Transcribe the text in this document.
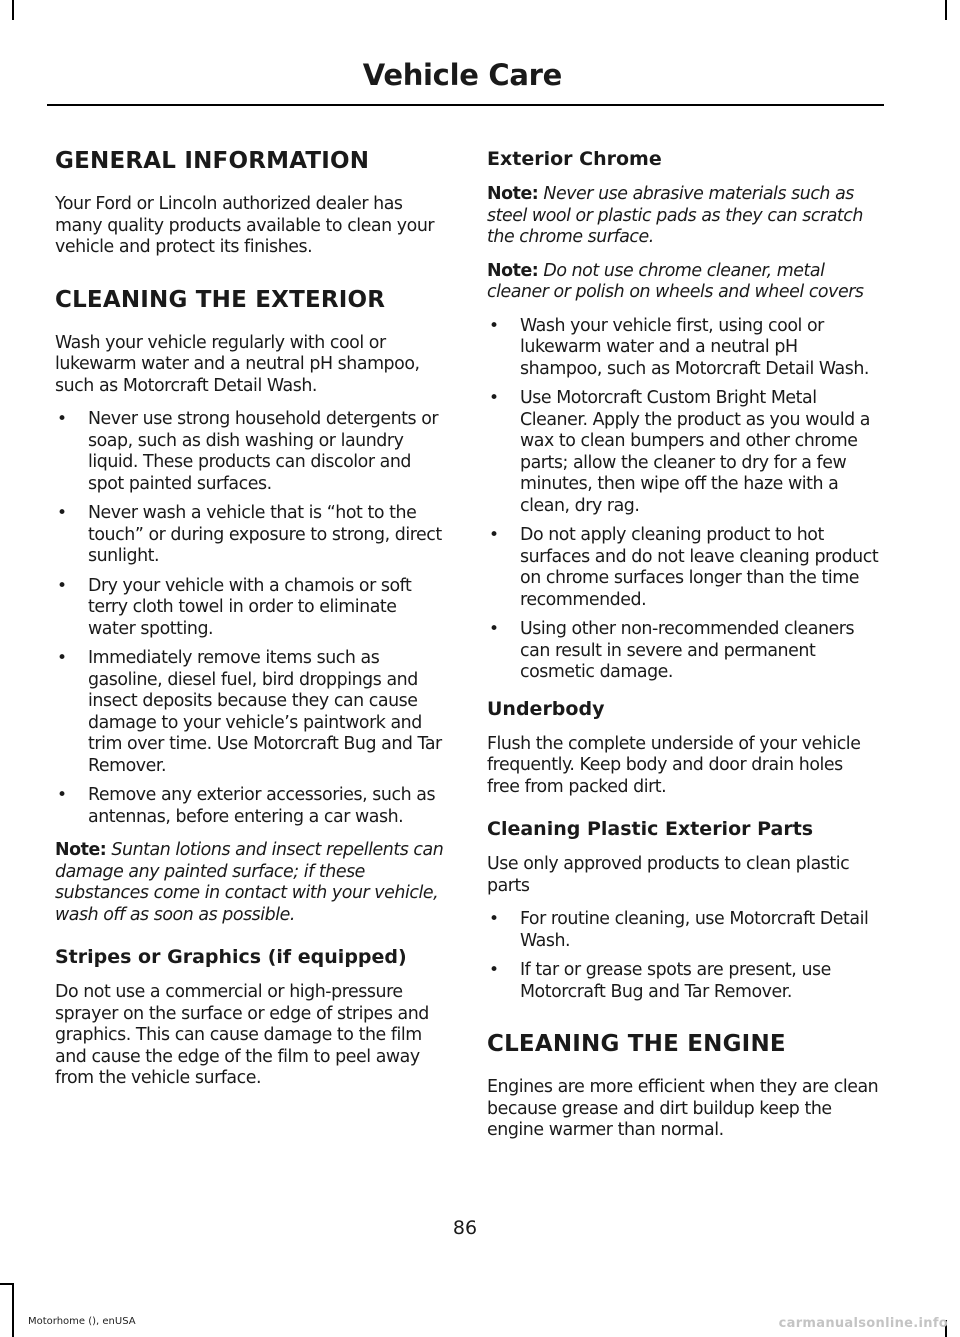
Vehicle Care
GENERAL INFORMATION

Your Ford or Lincoln authorized dealer has many quality products available to clean your vehicle and protect its finishes.

CLEANING THE EXTERIOR

Wash your vehicle regularly with cool or lukewarm water and a neutral pH shampoo, such as Motorcraft Detail Wash.

• Never use strong household detergents or soap, such as dish washing or laundry liquid. These products can discolor and spot painted surfaces.
• Never wash a vehicle that is “hot to the touch” or during exposure to strong, direct sunlight.
• Dry your vehicle with a chamois or soft terry cloth towel in order to eliminate water spotting.
• Immediately remove items such as gasoline, diesel fuel, bird droppings and insect deposits because they can cause damage to your vehicle’s paintwork and trim over time. Use Motorcraft Bug and Tar Remover.
• Remove any exterior accessories, such as antennas, before entering a car wash.

Note: Suntan lotions and insect repellents can damage any painted surface; if these substances come in contact with your vehicle, wash off as soon as possible.

Stripes or Graphics (if equipped)

Do not use a commercial or high-pressure sprayer on the surface or edge of stripes and graphics. This can cause damage to the film and cause the edge of the film to peel away from the vehicle surface.

Exterior Chrome

Note: Never use abrasive materials such as steel wool or plastic pads as they can scratch the chrome surface.

Note: Do not use chrome cleaner, metal cleaner or polish on wheels and wheel covers

• Wash your vehicle first, using cool or lukewarm water and a neutral pH shampoo, such as Motorcraft Detail Wash.
• Use Motorcraft Custom Bright Metal Cleaner. Apply the product as you would a wax to clean bumpers and other chrome parts; allow the cleaner to dry for a few minutes, then wipe off the haze with a clean, dry rag.
• Do not apply cleaning product to hot surfaces and do not leave cleaning product on chrome surfaces longer than the time recommended.
• Using other non-recommended cleaners can result in severe and permanent cosmetic damage.
Underbody

Flush the complete underside of your vehicle frequently. Keep body and door drain holes free from packed dirt.

Cleaning Plastic Exterior Parts

Use only approved products to clean plastic parts

• For routine cleaning, use Motorcraft Detail Wash.
• If tar or grease spots are present, use Motorcraft Bug and Tar Remover.
CLEANING THE ENGINE

Engines are more efficient when they are clean because grease and dirt buildup keep the engine warmer than normal.

86
Motorhome (), enUSA	carmanualsonline.info
